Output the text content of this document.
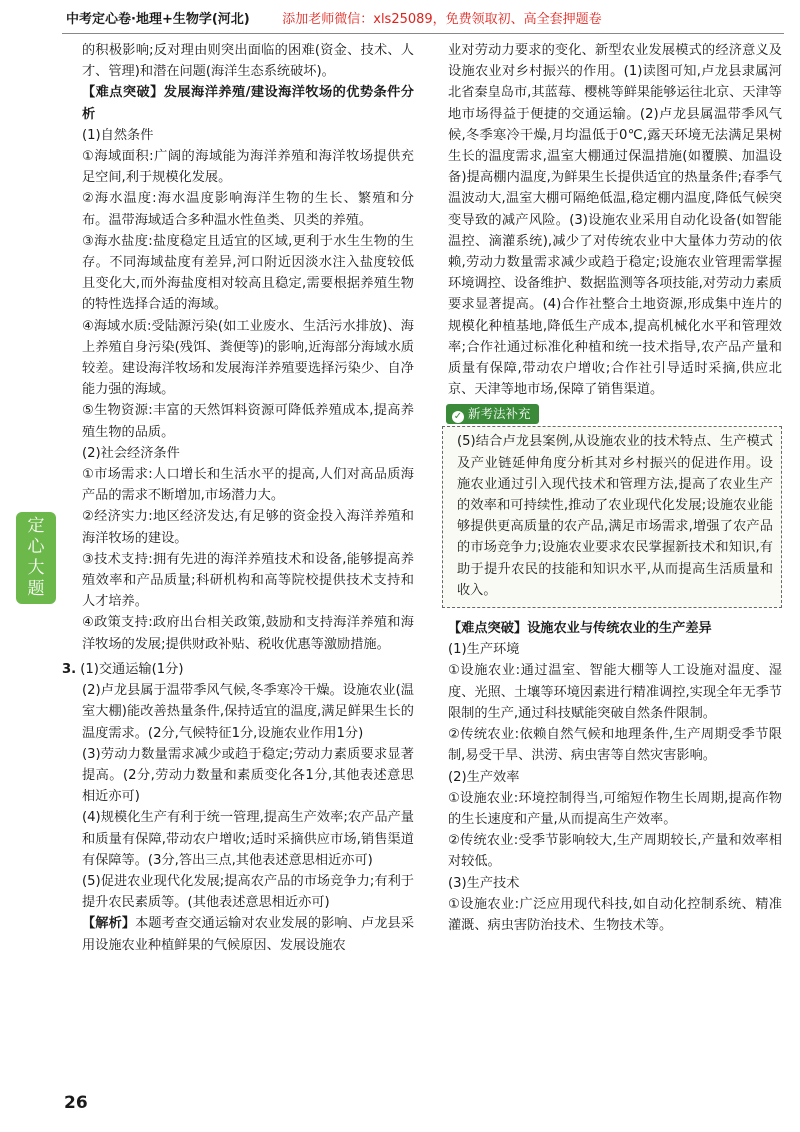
中考定心卷·地理+生物学(河北)	添加老师微信：xls25089，免费领取初、高全套押题卷
定
心
大
题

的积极影响;反对理由则突出面临的困难(资金、技术、人才、管理)和潜在问题(海洋生态系统破坏)。

【难点突破】发展海洋养殖/建设海洋牧场的优势条件分析

(1)自然条件

①海域面积:广阔的海域能为海洋养殖和海洋牧场提供充足空间,利于规模化发展。

②海水温度:海水温度影响海洋生物的生长、繁殖和分布。温带海域适合多种温水性鱼类、贝类的养殖。

③海水盐度:盐度稳定且适宜的区域,更利于水生生物的生存。不同海域盐度有差异,河口附近因淡水注入盐度较低且变化大,而外海盐度相对较高且稳定,需要根据养殖生物的特性选择合适的海域。

④海域水质:受陆源污染(如工业废水、生活污水排放)、海上养殖自身污染(残饵、粪便等)的影响,近海部分海域水质较差。建设海洋牧场和发展海洋养殖要选择污染少、自净能力强的海域。

⑤生物资源:丰富的天然饵料资源可降低养殖成本,提高养殖生物的品质。

(2)社会经济条件

①市场需求:人口增长和生活水平的提高,人们对高品质海产品的需求不断增加,市场潜力大。

②经济实力:地区经济发达,有足够的资金投入海洋养殖和海洋牧场的建设。

③技术支持:拥有先进的海洋养殖技术和设备,能够提高养殖效率和产品质量;科研机构和高等院校提供技术支持和人才培养。

④政策支持:政府出台相关政策,鼓励和支持海洋养殖和海洋牧场的发展;提供财政补贴、税收优惠等激励措施。

3. (1)交通运输(1分)

(2)卢龙县属于温带季风气候,冬季寒冷干燥。设施农业(温室大棚)能改善热量条件,保持适宜的温度,满足鲜果生长的温度需求。(2分,气候特征1分,设施农业作用1分)

(3)劳动力数量需求减少或趋于稳定;劳动力素质要求显著提高。(2分,劳动力数量和素质变化各1分,其他表述意思相近亦可)

(4)规模化生产有利于统一管理,提高生产效率;农产品产量和质量有保障,带动农户增收;适时采摘供应市场,销售渠道有保障等。(3分,答出三点,其他表述意思相近亦可)

(5)促进农业现代化发展;提高农产品的市场竞争力;有利于提升农民素质等。(其他表述意思相近亦可)

【解析】本题考查交通运输对农业发展的影响、卢龙县采用设施农业种植鲜果的气候原因、发展设施农

业对劳动力要求的变化、新型农业发展模式的经济意义及设施农业对乡村振兴的作用。(1)读图可知,卢龙县隶属河北省秦皇岛市,其蓝莓、樱桃等鲜果能够运往北京、天津等地市场得益于便捷的交通运输。(2)卢龙县属温带季风气候,冬季寒冷干燥,月均温低于0℃,露天环境无法满足果树生长的温度需求,温室大棚通过保温措施(如覆膜、加温设备)提高棚内温度,为鲜果生长提供适宜的热量条件;春季气温波动大,温室大棚可隔绝低温,稳定棚内温度,降低气候突变导致的减产风险。(3)设施农业采用自动化设备(如智能温控、滴灌系统),减少了对传统农业中大量体力劳动的依赖,劳动力数量需求减少或趋于稳定;设施农业管理需掌握环境调控、设备维护、数据监测等各项技能,对劳动力素质要求显著提高。(4)合作社整合土地资源,形成集中连片的规模化种植基地,降低生产成本,提高机械化水平和管理效率;合作社通过标准化种植和统一技术指导,农产品产量和质量有保障,带动农户增收;合作社引导适时采摘,供应北京、天津等地市场,保障了销售渠道。

✓ 新考法补充

(5)结合卢龙县案例,从设施农业的技术特点、生产模式及产业链延伸角度分析其对乡村振兴的促进作用。设施农业通过引入现代技术和管理方法,提高了农业生产的效率和可持续性,推动了农业现代化发展;设施农业能够提供更高质量的农产品,满足市场需求,增强了农产品的市场竞争力;设施农业要求农民掌握新技术和知识,有助于提升农民的技能和知识水平,从而提高生活质量和收入。

【难点突破】设施农业与传统农业的生产差异

(1)生产环境

①设施农业:通过温室、智能大棚等人工设施对温度、湿度、光照、土壤等环境因素进行精准调控,实现全年无季节限制的生产,通过科技赋能突破自然条件限制。

②传统农业:依赖自然气候和地理条件,生产周期受季节限制,易受干旱、洪涝、病虫害等自然灾害影响。

(2)生产效率

①设施农业:环境控制得当,可缩短作物生长周期,提高作物的生长速度和产量,从而提高生产效率。

②传统农业:受季节影响较大,生产周期较长,产量和效率相对较低。

(3)生产技术

①设施农业:广泛应用现代科技,如自动化控制系统、精准灌溉、病虫害防治技术、生物技术等。

26
